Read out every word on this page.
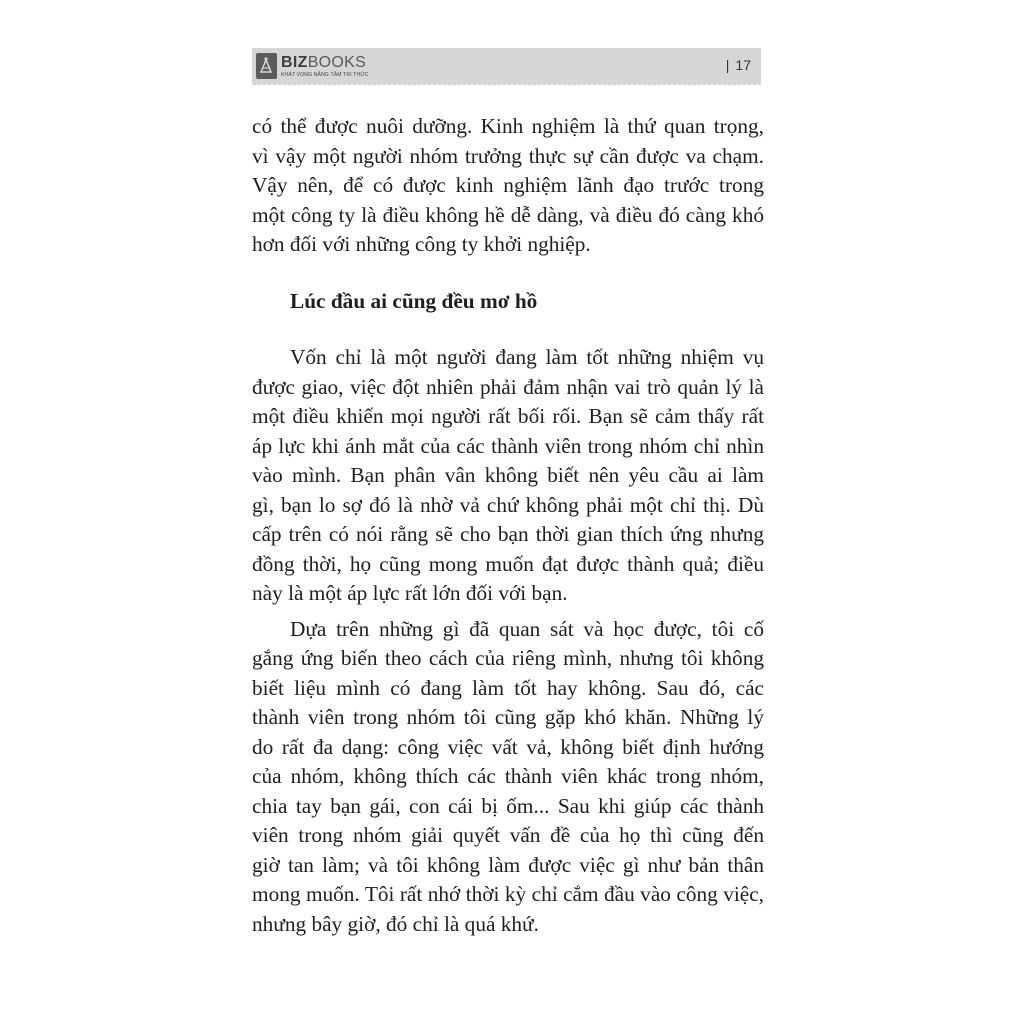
BIZBOOKS
KHÁT VỌNG NÂNG TẦM TRI THỨC
| 17
có thể được nuôi dưỡng. Kinh nghiệm là thứ quan trọng,
vì vậy một người nhóm trưởng thực sự cần được va chạm.
Vậy nên, để có được kinh nghiệm lãnh đạo trước trong
một công ty là điều không hề dễ dàng, và điều đó càng khó
hơn đối với những công ty khởi nghiệp.
Lúc đầu ai cũng đều mơ hồ
Vốn chỉ là một người đang làm tốt những nhiệm vụ
được giao, việc đột nhiên phải đảm nhận vai trò quản lý là
một điều khiến mọi người rất bối rối. Bạn sẽ cảm thấy rất
áp lực khi ánh mắt của các thành viên trong nhóm chỉ nhìn
vào mình. Bạn phân vân không biết nên yêu cầu ai làm
gì, bạn lo sợ đó là nhờ vả chứ không phải một chỉ thị. Dù
cấp trên có nói rằng sẽ cho bạn thời gian thích ứng nhưng
đồng thời, họ cũng mong muốn đạt được thành quả; điều
này là một áp lực rất lớn đối với bạn.
Dựa trên những gì đã quan sát và học được, tôi cố
gắng ứng biến theo cách của riêng mình, nhưng tôi không
biết liệu mình có đang làm tốt hay không. Sau đó, các
thành viên trong nhóm tôi cũng gặp khó khăn. Những lý
do rất đa dạng: công việc vất vả, không biết định hướng
của nhóm, không thích các thành viên khác trong nhóm,
chia tay bạn gái, con cái bị ốm... Sau khi giúp các thành
viên trong nhóm giải quyết vấn đề của họ thì cũng đến
giờ tan làm; và tôi không làm được việc gì như bản thân
mong muốn. Tôi rất nhớ thời kỳ chỉ cắm đầu vào công việc,
nhưng bây giờ, đó chỉ là quá khứ.
